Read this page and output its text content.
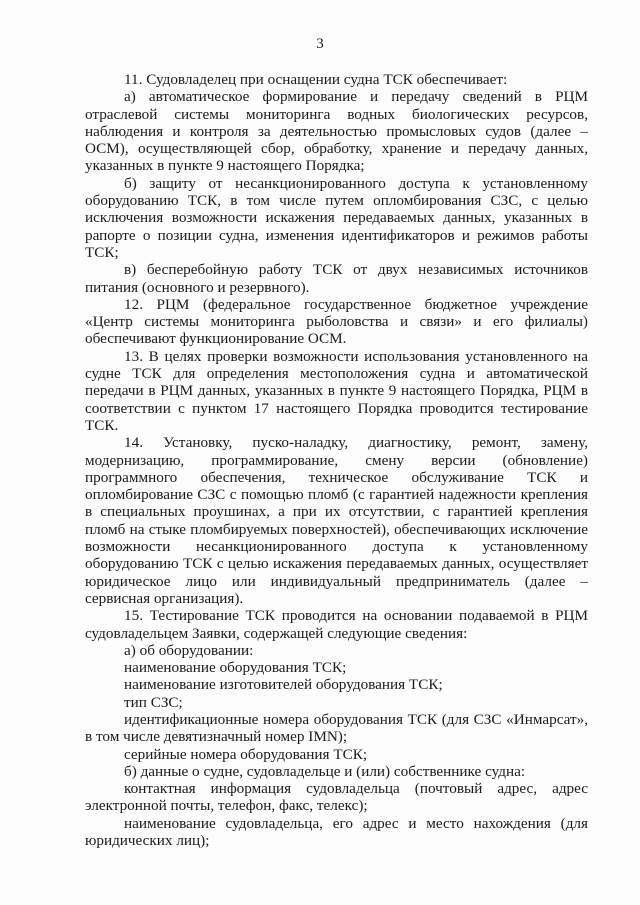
3

11. Судовладелец при оснащении судна ТСК обеспечивает:

а) автоматическое формирование и передачу сведений в РЦМ отраслевой системы мониторинга водных биологических ресурсов, наблюдения и контроля за деятельностью промысловых судов (далее – ОСМ), осуществляющей сбор, обработку, хранение и передачу данных, указанных в пункте 9 настоящего Порядка;

б) защиту от несанкционированного доступа к установленному оборудованию ТСК, в том числе путем опломбирования СЗС, с целью исключения возможности искажения передаваемых данных, указанных в рапорте о позиции судна, изменения идентификаторов и режимов работы ТСК;

в) бесперебойную работу ТСК от двух независимых источников питания (основного и резервного).

12. РЦМ (федеральное государственное бюджетное учреждение «Центр системы мониторинга рыболовства и связи» и его филиалы) обеспечивают функционирование ОСМ.

13. В целях проверки возможности использования установленного на судне ТСК для определения местоположения судна и автоматической передачи в РЦМ данных, указанных в пункте 9 настоящего Порядка, РЦМ в соответствии с пунктом 17 настоящего Порядка проводится тестирование ТСК.

14. Установку, пуско-наладку, диагностику, ремонт, замену, модернизацию, программирование, смену версии (обновление) программного обеспечения, техническое обслуживание ТСК и опломбирование СЗС с помощью пломб (с гарантией надежности крепления в специальных проушинах, а при их отсутствии, с гарантией крепления пломб на стыке пломбируемых поверхностей), обеспечивающих исключение возможности несанкционированного доступа к установленному оборудованию ТСК с целью искажения передаваемых данных, осуществляет юридическое лицо или индивидуальный предприниматель (далее – сервисная организация).

15. Тестирование ТСК проводится на основании подаваемой в РЦМ судовладельцем Заявки, содержащей следующие сведения:

а) об оборудовании:

наименование оборудования ТСК;

наименование изготовителей оборудования ТСК;

тип СЗС;

идентификационные номера оборудования ТСК (для СЗС «Инмарсат», в том числе девятизначный номер IMN);

серийные номера оборудования ТСК;

б) данные о судне, судовладельце и (или) собственнике судна:

контактная информация судовладельца (почтовый адрес, адрес электронной почты, телефон, факс, телекс);

наименование судовладельца, его адрес и место нахождения (для юридических лиц);
